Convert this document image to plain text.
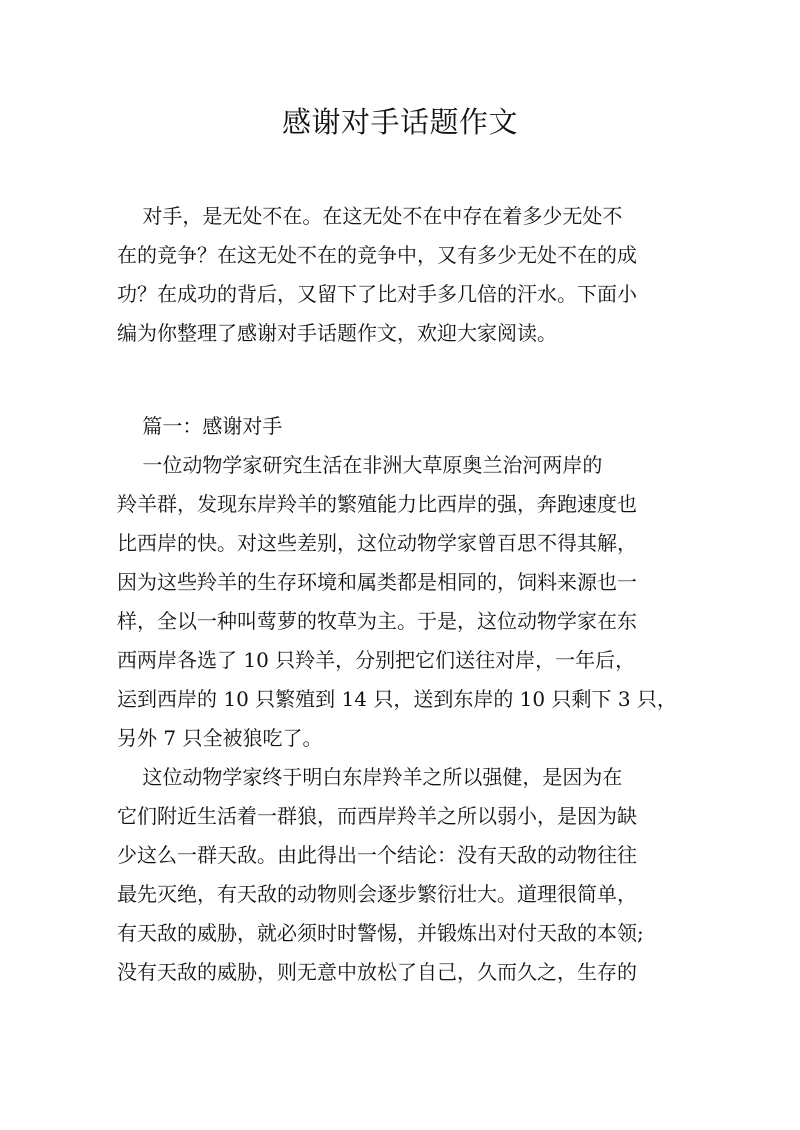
感谢对手话题作文
对手，是无处不在。在这无处不在中存在着多少无处不
在的竞争？在这无处不在的竞争中，又有多少无处不在的成
功？在成功的背后，又留下了比对手多几倍的汗水。下面小
编为你整理了感谢对手话题作文，欢迎大家阅读。
篇一：感谢对手
一位动物学家研究生活在非洲大草原奥兰治河两岸的
羚羊群，发现东岸羚羊的繁殖能力比西岸的强，奔跑速度也
比西岸的快。对这些差别，这位动物学家曾百思不得其解，
因为这些羚羊的生存环境和属类都是相同的，饲料来源也一
样，全以一种叫莺萝的牧草为主。于是，这位动物学家在东
西两岸各选了 10 只羚羊，分别把它们送往对岸，一年后，
运到西岸的 10 只繁殖到 14 只，送到东岸的 10 只剩下 3 只，
另外 7 只全被狼吃了。
这位动物学家终于明白东岸羚羊之所以强健，是因为在
它们附近生活着一群狼，而西岸羚羊之所以弱小，是因为缺
少这么一群天敌。由此得出一个结论：没有天敌的动物往往
最先灭绝，有天敌的动物则会逐步繁衍壮大。道理很简单，
有天敌的威胁，就必须时时警惕，并锻炼出对付天敌的本领;
没有天敌的威胁，则无意中放松了自己，久而久之，生存的
